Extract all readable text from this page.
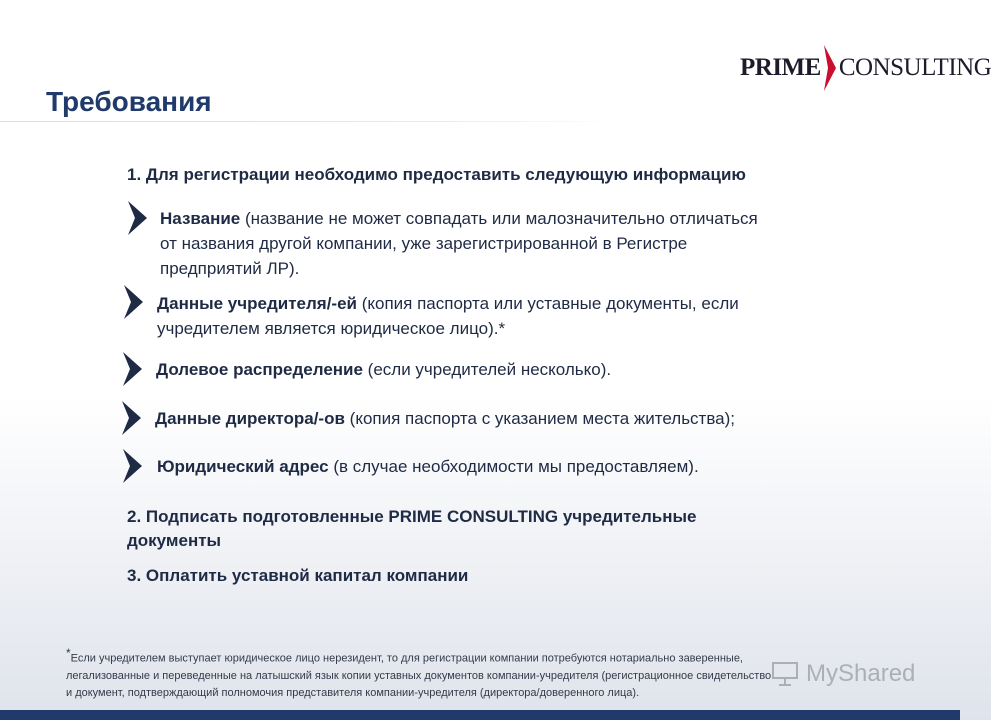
PRIME CONSULTING
Требования
1. Для регистрации необходимо предоставить следующую информацию
Название (название не может совпадать или малозначительно отличаться
от названия другой компании, уже зарегистрированной в Регистре
предприятий ЛР).
Данные учредителя/-ей (копия паспорта или уставные документы, если
учредителем является юридическое лицо).*
Долевое распределение (если учредителей несколько).
Данные директора/-ов (копия паспорта с указанием места жительства);
Юридический адрес (в случае необходимости мы предоставляем).
2. Подписать подготовленные PRIME CONSULTING учредительные
документы
3. Оплатить уставной капитал компании
*Если учредителем выступает юридическое лицо нерезидент, то для регистрации компании потребуются нотариально заверенные,
легализованные и переведенные на латышский язык копии уставных документов компании-учредителя (регистрационное свидетельство
и документ, подтверждающий полномочия представителя компании-учредителя (директора/доверенного лица).
MyShared
